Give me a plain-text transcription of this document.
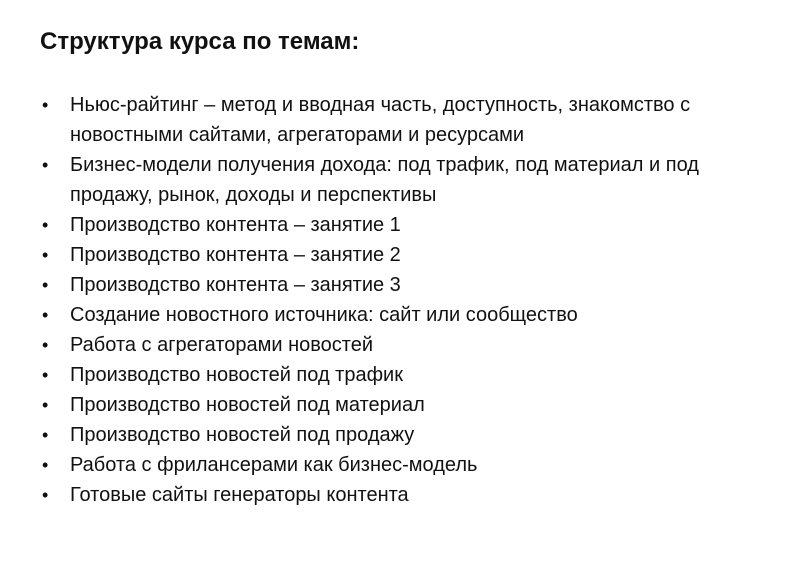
Структура курса по темам:
•	Ньюс-райтинг – метод и вводная часть, доступность, знакомство с новостными сайтами, агрегаторами и ресурсами
•	Бизнес-модели получения дохода: под трафик, под материал и под продажу, рынок, доходы и перспективы
•	Производство контента – занятие 1
•	Производство контента – занятие 2
•	Производство контента – занятие 3
•	Создание новостного источника: сайт или сообщество
•	Работа с агрегаторами новостей
•	Производство новостей под трафик
•	Производство новостей под материал
•	Производство новостей под продажу
•	Работа с фрилансерами как бизнес-модель
•	Готовые сайты генераторы контента
